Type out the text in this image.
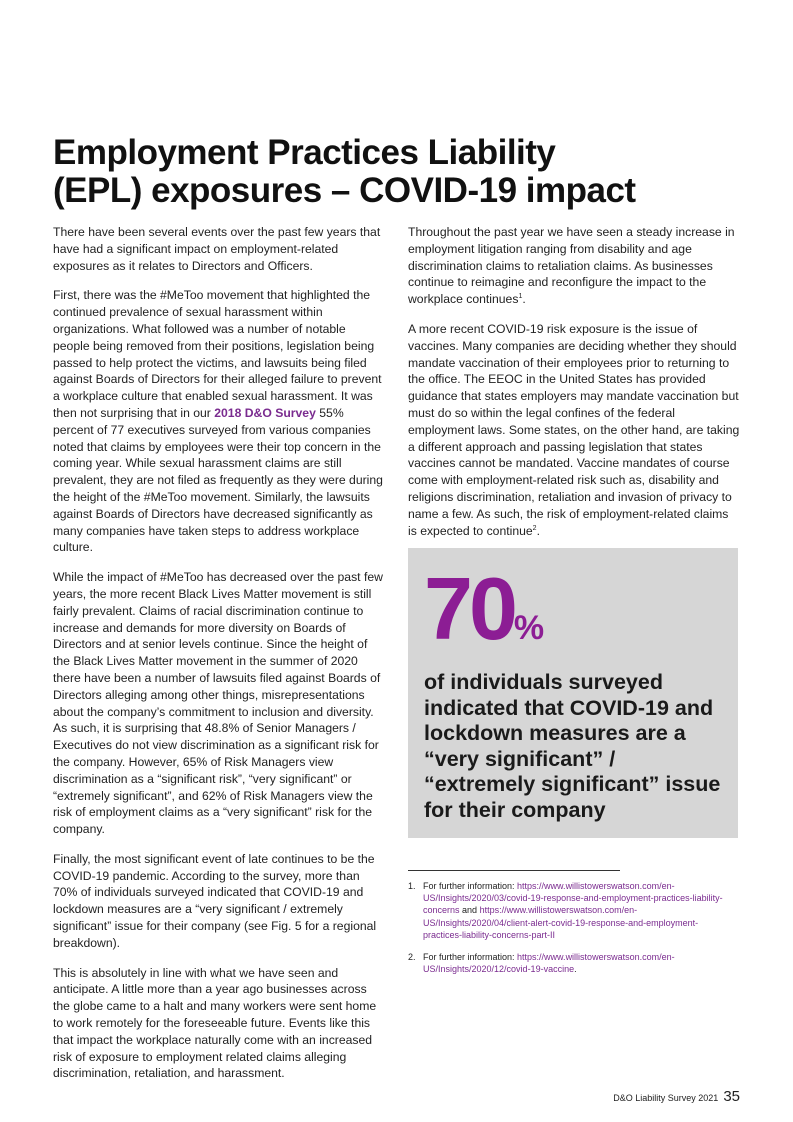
Employment Practices Liability
(EPL) exposures – COVID-19 impact

There have been several events over the past few years that have had a significant impact on employment-related exposures as it relates to Directors and Officers.

First, there was the #MeToo movement that highlighted the continued prevalence of sexual harassment within organizations. What followed was a number of notable people being removed from their positions, legislation being passed to help protect the victims, and lawsuits being filed against Boards of Directors for their alleged failure to prevent a workplace culture that enabled sexual harassment. It was then not surprising that in our 2018 D&O Survey 55% percent of 77 executives surveyed from various companies noted that claims by employees were their top concern in the coming year. While sexual harassment claims are still prevalent, they are not filed as frequently as they were during the height of the #MeToo movement. Similarly, the lawsuits against Boards of Directors have decreased significantly as many companies have taken steps to address workplace culture.

While the impact of #MeToo has decreased over the past few years, the more recent Black Lives Matter movement is still fairly prevalent. Claims of racial discrimination continue to increase and demands for more diversity on Boards of Directors and at senior levels continue. Since the height of the Black Lives Matter movement in the summer of 2020 there have been a number of lawsuits filed against Boards of Directors alleging among other things, misrepresentations about the company’s commitment to inclusion and diversity. As such, it is surprising that 48.8% of Senior Managers / Executives do not view discrimination as a significant risk for the company. However, 65% of Risk Managers view discrimination as a “significant risk”, “very significant” or “extremely significant”, and 62% of Risk Managers view the risk of employment claims as a “very significant” risk for the company.

Finally, the most significant event of late continues to be the COVID-19 pandemic. According to the survey, more than 70% of individuals surveyed indicated that COVID-19 and lockdown measures are a “very significant / extremely significant” issue for their company (see Fig. 5 for a regional breakdown).

This is absolutely in line with what we have seen and anticipate. A little more than a year ago businesses across the globe came to a halt and many workers were sent home to work remotely for the foreseeable future. Events like this that impact the workplace naturally come with an increased risk of exposure to employment related claims alleging discrimination, retaliation, and harassment.

Throughout the past year we have seen a steady increase in employment litigation ranging from disability and age discrimination claims to retaliation claims. As businesses continue to reimagine and reconfigure the impact to the workplace continues$^1$.

A more recent COVID-19 risk exposure is the issue of vaccines. Many companies are deciding whether they should mandate vaccination of their employees prior to returning to the office. The EEOC in the United States has provided guidance that states employers may mandate vaccination but must do so within the legal confines of the federal employment laws. Some states, on the other hand, are taking a different approach and passing legislation that states vaccines cannot be mandated. Vaccine mandates of course come with employment-related risk such as, disability and religions discrimination, retaliation and invasion of privacy to name a few. As such, the risk of employment-related claims is expected to continue$^2$.

70%

of individuals surveyed indicated that COVID-19 and lockdown measures are a “very significant” / “extremely significant” issue for their company

1. For further information: https://www.willistowerswatson.com/en-US/Insights/2020/03/covid-19-response-and-employment-practices-liability-concerns and https://www.willistowerswatson.com/en-US/Insights/2020/04/client-alert-covid-19-response-and-employment-practices-liability-concerns-part-II
2. For further information: https://www.willistowerswatson.com/en-US/Insights/2020/12/covid-19-vaccine.
D&O Liability Survey 2021 35
